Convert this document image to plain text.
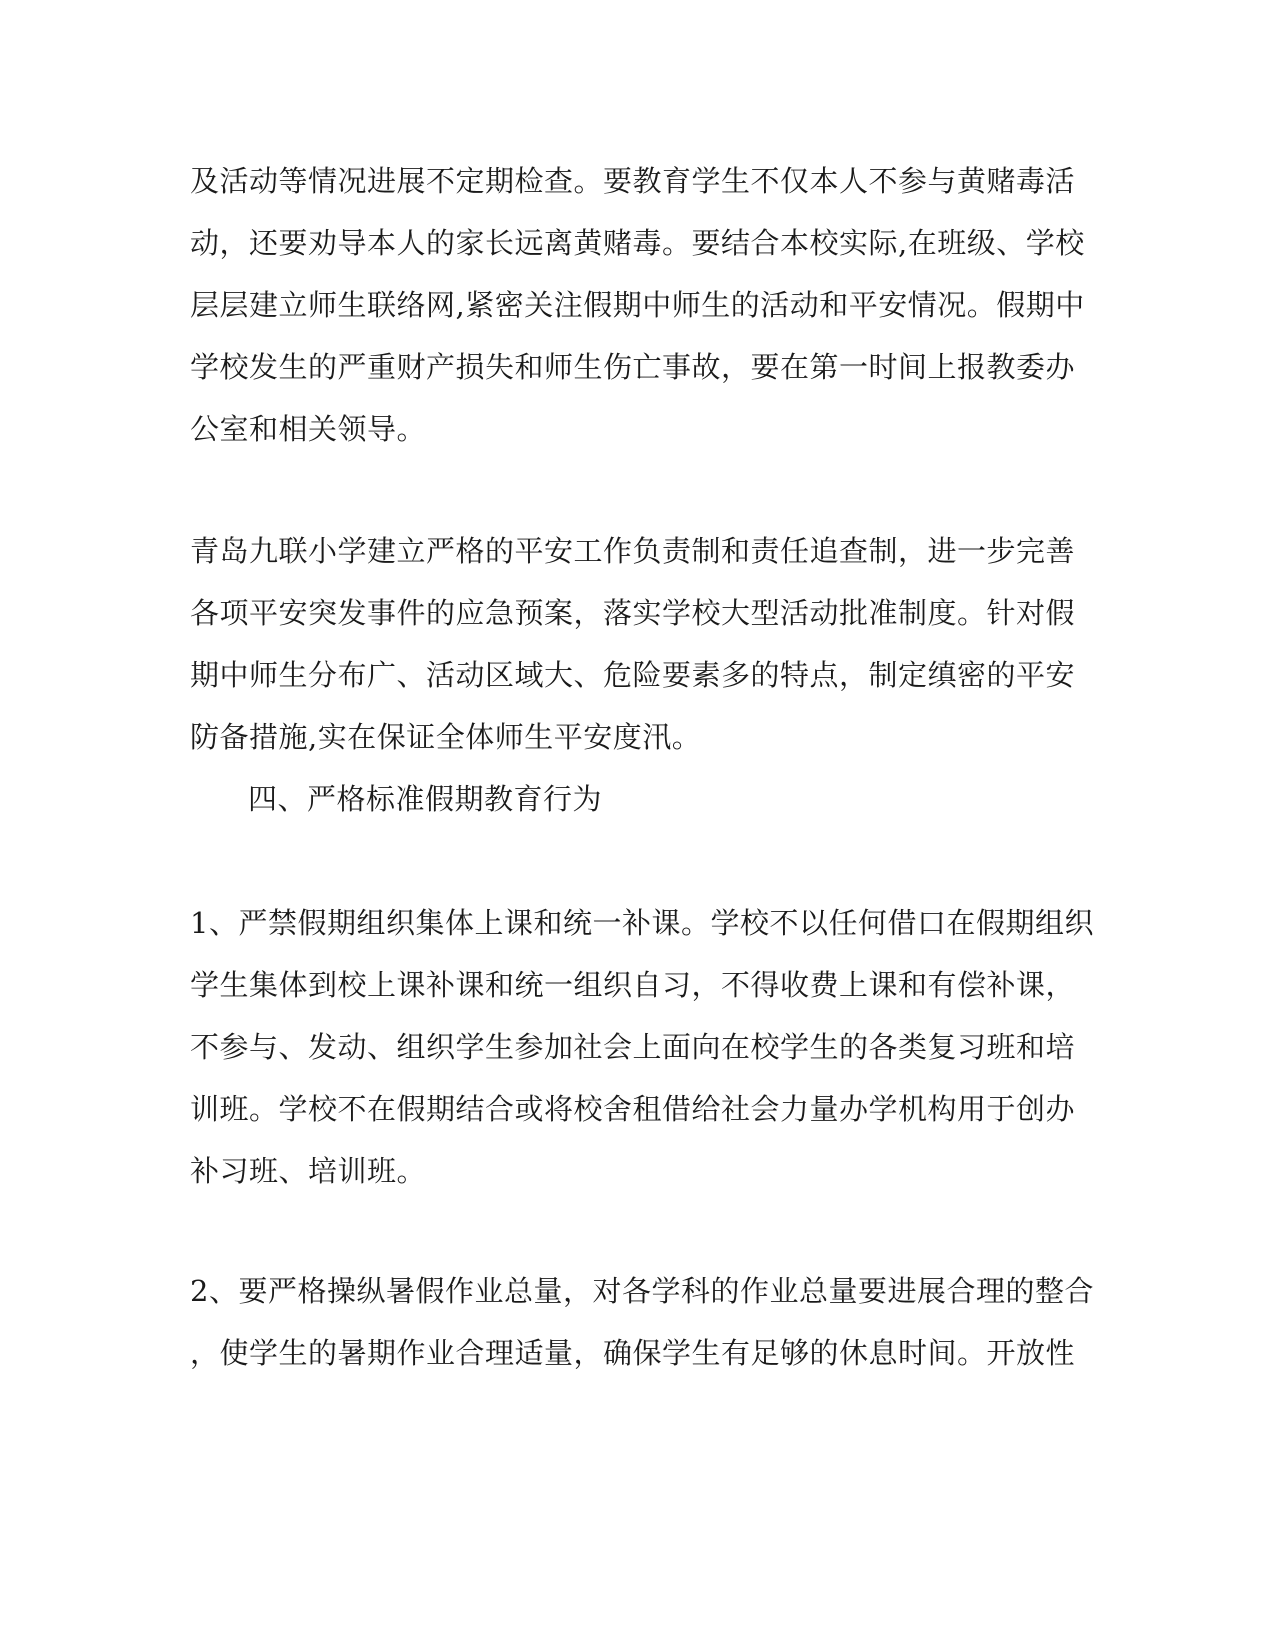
及活动等情况进展不定期检查。要教育学生不仅本人不参与黄赌毒活
动，还要劝导本人的家长远离黄赌毒。要结合本校实际,在班级、学校
层层建立师生联络网,紧密关注假期中师生的活动和平安情况。假期中
学校发生的严重财产损失和师生伤亡事故，要在第一时间上报教委办
公室和相关领导。
青岛九联小学建立严格的平安工作负责制和责任追查制，进一步完善
各项平安突发事件的应急预案，落实学校大型活动批准制度。针对假
期中师生分布广、活动区域大、危险要素多的特点，制定缜密的平安
防备措施,实在保证全体师生平安度汛。
四、严格标准假期教育行为
1、严禁假期组织集体上课和统一补课。学校不以任何借口在假期组织
学生集体到校上课补课和统一组织自习，不得收费上课和有偿补课，
不参与、发动、组织学生参加社会上面向在校学生的各类复习班和培
训班。学校不在假期结合或将校舍租借给社会力量办学机构用于创办
补习班、培训班。
2、要严格操纵暑假作业总量，对各学科的作业总量要进展合理的整合
，使学生的暑期作业合理适量，确保学生有足够的休息时间。开放性
